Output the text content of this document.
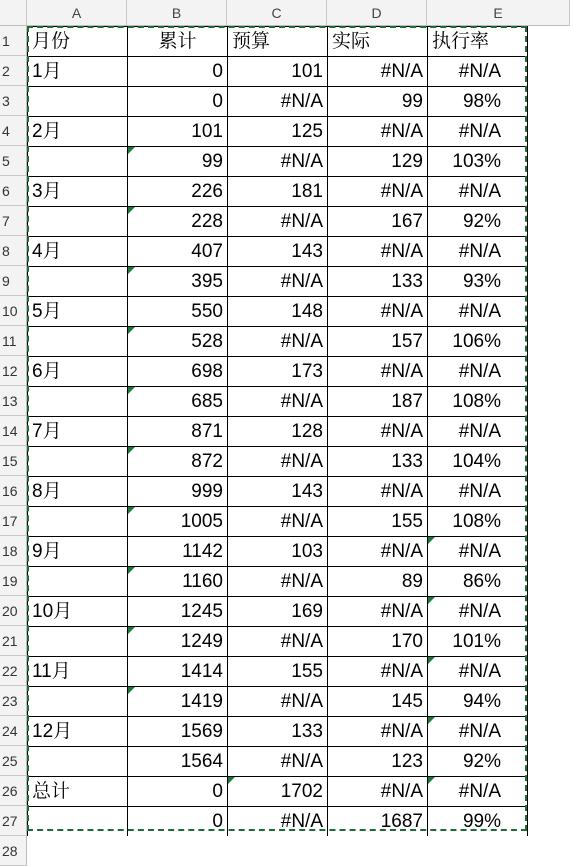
A	B	C	D	E
1
2
3
4
5
6
7
8
9
10
11
12
13
14
15
16
17
18
19
20
21
22
23
24
25
26
27
28
月份	累计	预算	实际	执行率
1月	0	101	#N/A	#N/A
	0	#N/A	99	98%
2月	101	125	#N/A	#N/A
	99	#N/A	129	103%
3月	226	181	#N/A	#N/A
	228	#N/A	167	92%
4月	407	143	#N/A	#N/A
	395	#N/A	133	93%
5月	550	148	#N/A	#N/A
	528	#N/A	157	106%
6月	698	173	#N/A	#N/A
	685	#N/A	187	108%
7月	871	128	#N/A	#N/A
	872	#N/A	133	104%
8月	999	143	#N/A	#N/A
	1005	#N/A	155	108%
9月	1142	103	#N/A	#N/A
	1160	#N/A	89	86%
10月	1245	169	#N/A	#N/A
	1249	#N/A	170	101%
11月	1414	155	#N/A	#N/A
	1419	#N/A	145	94%
12月	1569	133	#N/A	#N/A
	1564	#N/A	123	92%
总计	0	1702	#N/A	#N/A
	0	#N/A	1687	99%
